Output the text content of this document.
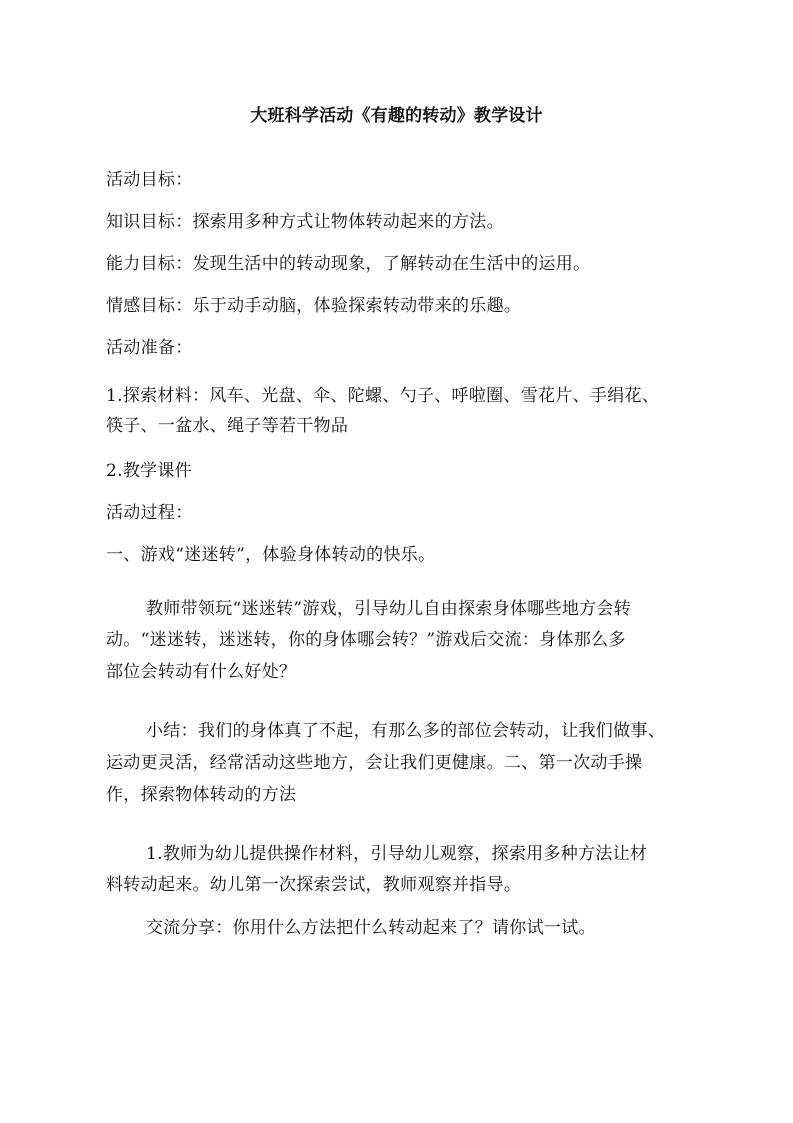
大班科学活动《有趣的转动》教学设计
活动目标：
知识目标：探索用多种方式让物体转动起来的方法。
能力目标：发现生活中的转动现象，了解转动在生活中的运用。
情感目标：乐于动手动脑，体验探索转动带来的乐趣。
活动准备：
1.探索材料：风车、光盘、伞、陀螺、勺子、呼啦圈、雪花片、手绢花、
筷子、一盆水、绳子等若干物品
2.教学课件
活动过程：
一、游戏“迷迷转”，体验身体转动的快乐。
教师带领玩“迷迷转”游戏，引导幼儿自由探索身体哪些地方会转
动。“迷迷转，迷迷转，你的身体哪会转？”游戏后交流：身体那么多
部位会转动有什么好处？
小结：我们的身体真了不起，有那么多的部位会转动，让我们做事、
运动更灵活，经常活动这些地方，会让我们更健康。二、第一次动手操
作，探索物体转动的方法
1.教师为幼儿提供操作材料，引导幼儿观察，探索用多种方法让材
料转动起来。幼儿第一次探索尝试，教师观察并指导。
交流分享：你用什么方法把什么转动起来了？请你试一试。
